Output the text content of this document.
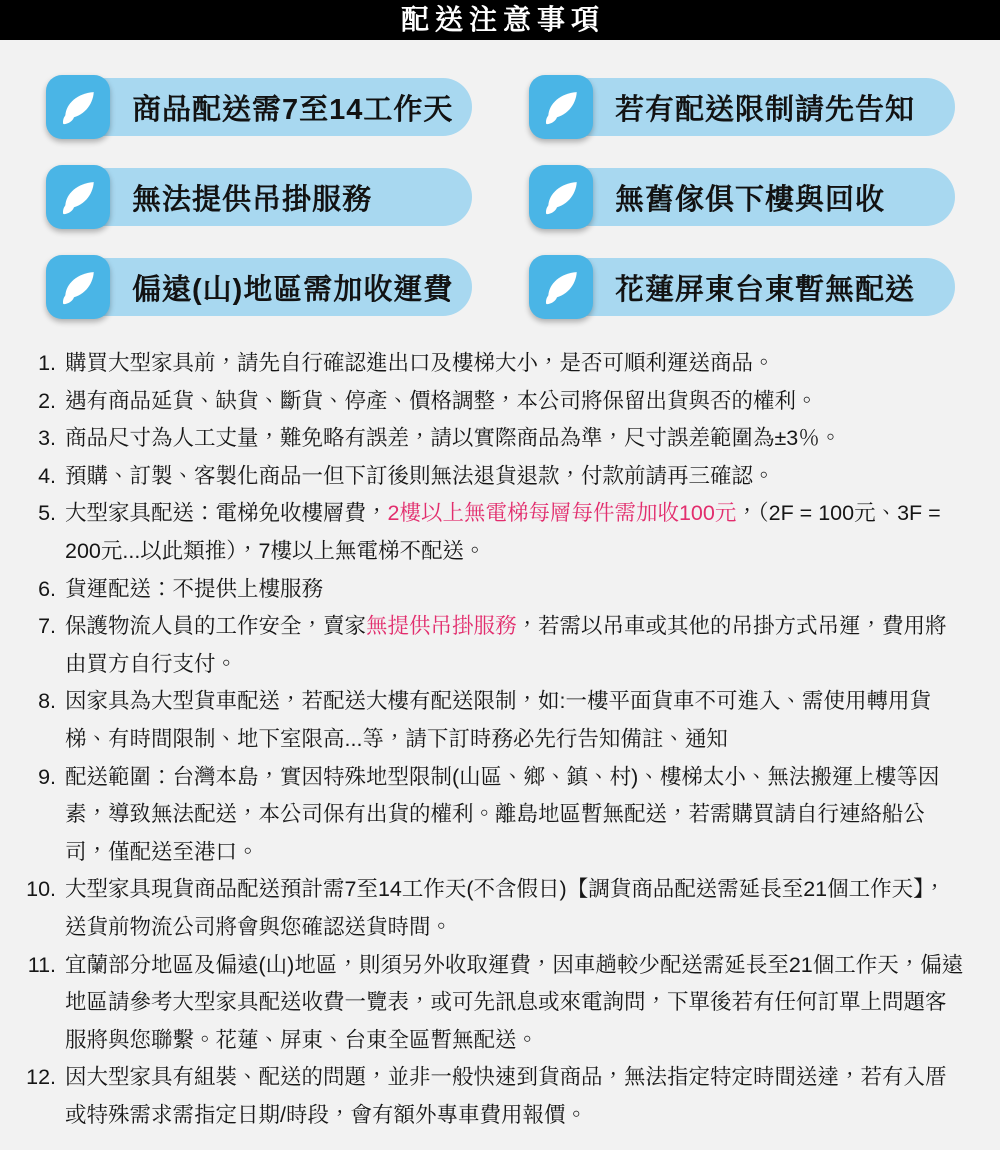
配送注意事項
商品配送需7至14工作天	若有配送限制請先告知
無法提供吊掛服務	無舊傢俱下樓與回收
偏遠(山)地區需加收運費	花蓮屏東台東暫無配送
1. 購買大型家具前，請先自行確認進出口及樓梯大小，是否可順利運送商品。
2. 遇有商品延貨、缺貨、斷貨、停產、價格調整，本公司將保留出貨與否的權利。
3. 商品尺寸為人工丈量，難免略有誤差，請以實際商品為準，尺寸誤差範圍為±3％。
4. 預購、訂製、客製化商品一但下訂後則無法退貨退款，付款前請再三確認。
5. 大型家具配送：電梯免收樓層費，2樓以上無電梯每層每件需加收100元，（2F = 100元、3F = 200元...以此類推），7樓以上無電梯不配送。
6. 貨運配送：不提供上樓服務
7. 保護物流人員的工作安全，賣家無提供吊掛服務，若需以吊車或其他的吊掛方式吊運，費用將由買方自行支付。
8. 因家具為大型貨車配送，若配送大樓有配送限制，如:一樓平面貨車不可進入、需使用轉用貨梯、有時間限制、地下室限高...等，請下訂時務必先行告知備註、通知
9. 配送範圍：台灣本島，實因特殊地型限制(山區、鄉、鎮、村)、樓梯太小、無法搬運上樓等因素，導致無法配送，本公司保有出貨的權利。離島地區暫無配送，若需購買請自行連絡船公司，僅配送至港口。
10. 大型家具現貨商品配送預計需7至14工作天(不含假日)【調貨商品配送需延長至21個工作天】，送貨前物流公司將會與您確認送貨時間。
11. 宜蘭部分地區及偏遠(山)地區，則須另外收取運費，因車趟較少配送需延長至21個工作天，偏遠地區請參考大型家具配送收費一覽表，或可先訊息或來電詢問，下單後若有任何訂單上問題客服將與您聯繫。花蓮、屏東、台東全區暫無配送。
12. 因大型家具有組裝、配送的問題，並非一般快速到貨商品，無法指定特定時間送達，若有入厝或特殊需求需指定日期/時段，會有額外專車費用報價。
